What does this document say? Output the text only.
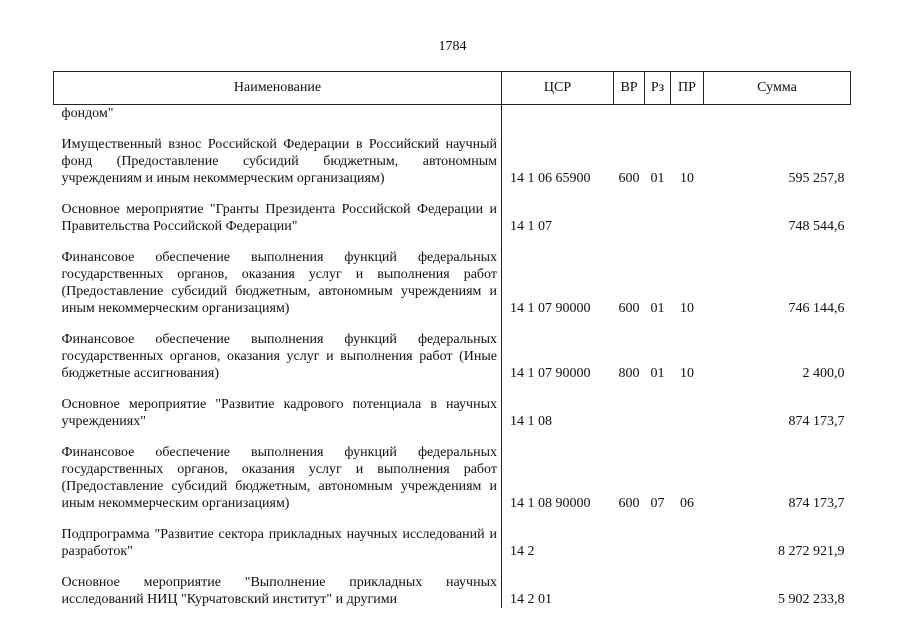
1784
Наименование	ЦСР	ВР	Рз	ПР	Сумма
фондом"					

Имущественный взнос Российской Федерации в Российский научный фонд (Предоставление субсидий бюджетным, автономным учреждениям и иным некоммерческим организациям)	14 1 06 65900	600	01	10	595 257,8

Основное мероприятие "Гранты Президента Российской Федерации и Правительства Российской Федерации"	14 1 07				748 544,6

Финансовое обеспечение выполнения функций федеральных государственных органов, оказания услуг и выполнения работ (Предоставление субсидий бюджетным, автономным учреждениям и иным некоммерческим организациям)	14 1 07 90000	600	01	10	746 144,6

Финансовое обеспечение выполнения функций федеральных государственных органов, оказания услуг и выполнения работ (Иные бюджетные ассигнования)	14 1 07 90000	800	01	10	2 400,0

Основное мероприятие "Развитие кадрового потенциала в научных учреждениях"	14 1 08				874 173,7

Финансовое обеспечение выполнения функций федеральных государственных органов, оказания услуг и выполнения работ (Предоставление субсидий бюджетным, автономным учреждениям и иным некоммерческим организациям)	14 1 08 90000	600	07	06	874 173,7

Подпрограмма "Развитие сектора прикладных научных исследований и разработок"	14 2				8 272 921,9

Основное мероприятие "Выполнение прикладных научных исследований НИЦ "Курчатовский институт" и другими	14 2 01				5 902 233,8
